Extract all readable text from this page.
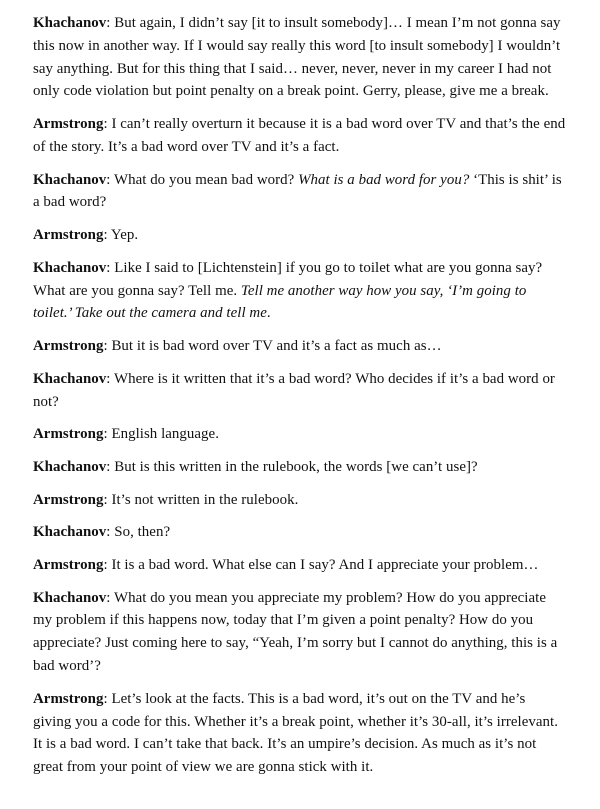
Khachanov: But again, I didn’t say [it to insult somebody]… I mean I’m not gonna say this now in another way. If I would say really this word [to insult somebody] I wouldn’t say anything. But for this thing that I said… never, never, never in my career I had not only code violation but point penalty on a break point. Gerry, please, give me a break.

Armstrong: I can’t really overturn it because it is a bad word over TV and that’s the end of the story. It’s a bad word over TV and it’s a fact.

Khachanov: What do you mean bad word? What is a bad word for you? ‘This is shit’ is a bad word?

Armstrong: Yep.

Khachanov: Like I said to [Lichtenstein] if you go to toilet what are you gonna say? What are you gonna say? Tell me. Tell me another way how you say, ‘I’m going to toilet.’ Take out the camera and tell me.

Armstrong: But it is bad word over TV and it’s a fact as much as…

Khachanov: Where is it written that it’s a bad word? Who decides if it’s a bad word or not?

Armstrong: English language.

Khachanov: But is this written in the rulebook, the words [we can’t use]?

Armstrong: It’s not written in the rulebook.

Khachanov: So, then?

Armstrong: It is a bad word. What else can I say? And I appreciate your problem…

Khachanov: What do you mean you appreciate my problem? How do you appreciate my problem if this happens now, today that I’m given a point penalty? How do you appreciate? Just coming here to say, “Yeah, I’m sorry but I cannot do anything, this is a bad word’?

Armstrong: Let’s look at the facts. This is a bad word, it’s out on the TV and he’s giving you a code for this. Whether it’s a break point, whether it’s 30-all, it’s irrelevant. It is a bad word. I can’t take that back. It’s an umpire’s decision. As much as it’s not great from your point of view we are gonna stick with it.
